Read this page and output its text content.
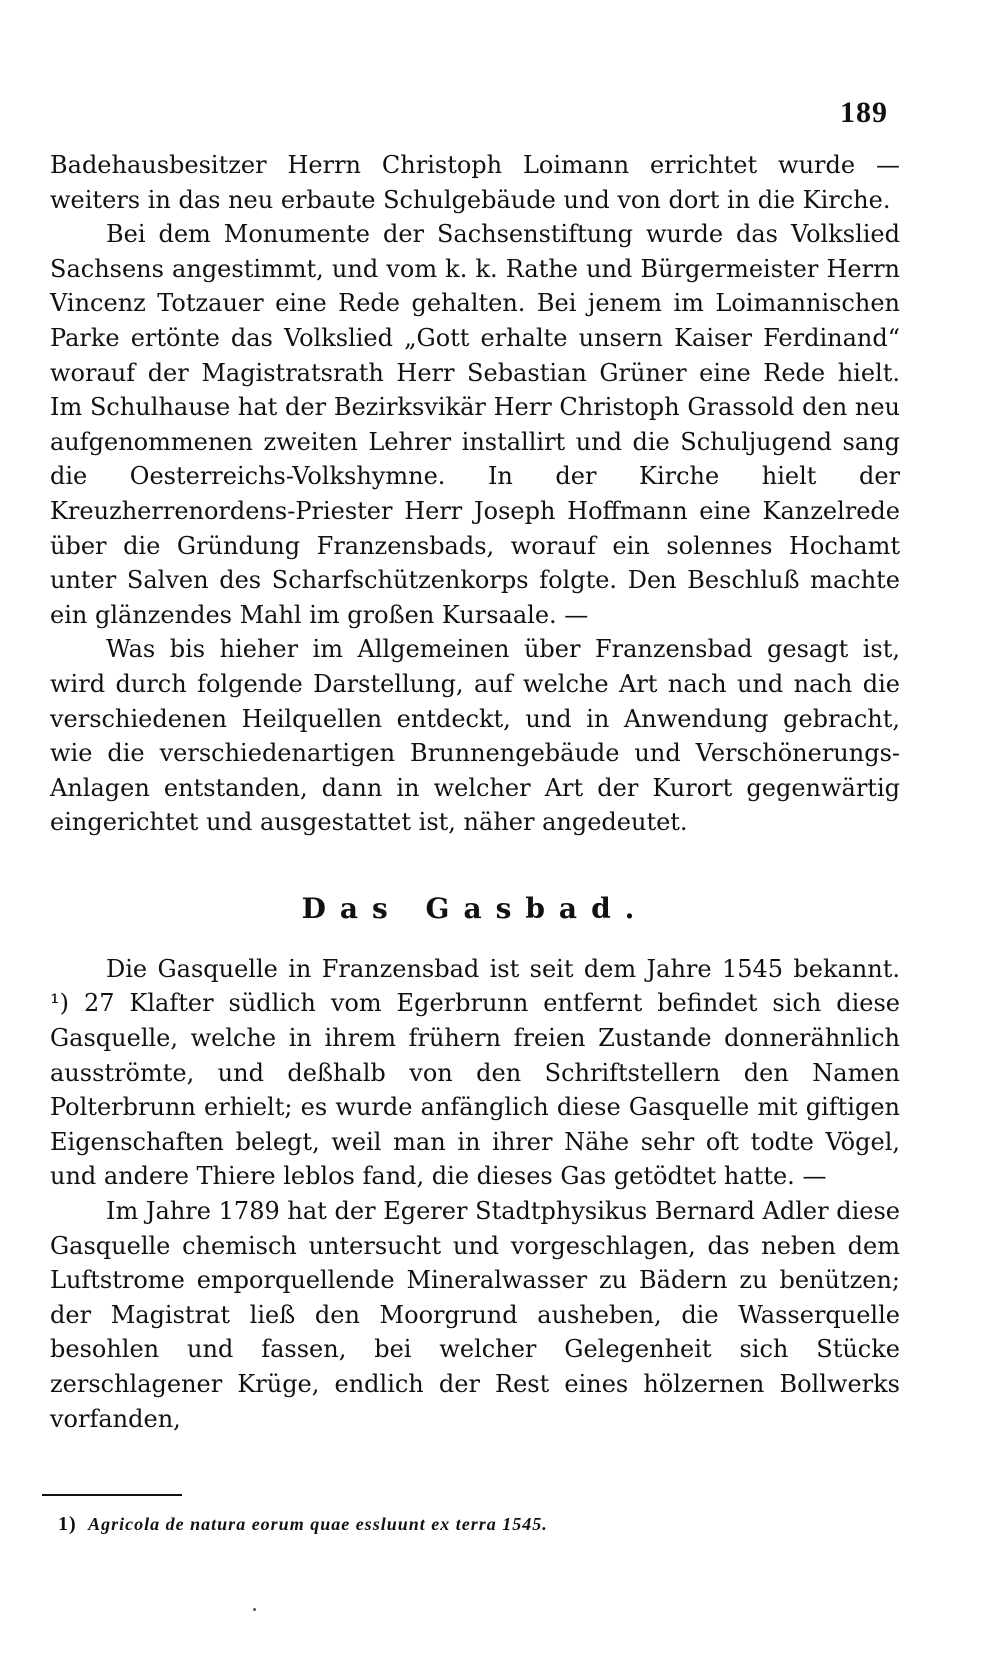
189

Badehausbesitzer Herrn Christoph Loimann errichtet wurde — weiters in das neu erbaute Schulgebäude und von dort in die Kirche.

Bei dem Monumente der Sachsenstiftung wurde das Volkslied Sachsens angestimmt, und vom k. k. Rathe und Bürgermeister Herrn Vincenz Totzauer eine Rede gehalten. Bei jenem im Loimannischen Parke ertönte das Volkslied „Gott erhalte unsern Kaiser Ferdinand“ worauf der Magistratsrath Herr Sebastian Grüner eine Rede hielt. Im Schulhause hat der Bezirksvikär Herr Christoph Grassold den neu aufgenommenen zweiten Lehrer installirt und die Schuljugend sang die Oesterreichs-Volkshymne. In der Kirche hielt der Kreuzherrenordens-Priester Herr Joseph Hoffmann eine Kanzelrede über die Gründung Franzensbads, worauf ein solennes Hochamt unter Salven des Scharfschützenkorps folgte. Den Beschluß machte ein glänzendes Mahl im großen Kursaale. —

Was bis hieher im Allgemeinen über Franzensbad gesagt ist, wird durch folgende Darstellung, auf welche Art nach und nach die verschiedenen Heilquellen entdeckt, und in Anwendung gebracht, wie die verschiedenartigen Brunnengebäude und Verschönerungs-Anlagen entstanden, dann in welcher Art der Kurort gegenwärtig eingerichtet und ausgestattet ist, näher angedeutet.

Das Gasbad.

Die Gasquelle in Franzensbad ist seit dem Jahre 1545 bekannt. ¹) 27 Klafter südlich vom Egerbrunn entfernt befindet sich diese Gasquelle, welche in ihrem frühern freien Zustande donnerähnlich ausströmte, und deßhalb von den Schriftstellern den Namen Polterbrunn erhielt; es wurde anfänglich diese Gasquelle mit giftigen Eigenschaften belegt, weil man in ihrer Nähe sehr oft todte Vögel, und andere Thiere leblos fand, die dieses Gas getödtet hatte. —

Im Jahre 1789 hat der Egerer Stadtphysikus Bernard Adler diese Gasquelle chemisch untersucht und vorgeschlagen, das neben dem Luftstrome emporquellende Mineralwasser zu Bädern zu benützen; der Magistrat ließ den Moorgrund ausheben, die Wasserquelle besohlen und fassen, bei welcher Gelegenheit sich Stücke zerschlagener Krüge, endlich der Rest eines hölzernen Bollwerks vorfanden,

1) Agricola de natura eorum quae essluunt ex terra 1545.
